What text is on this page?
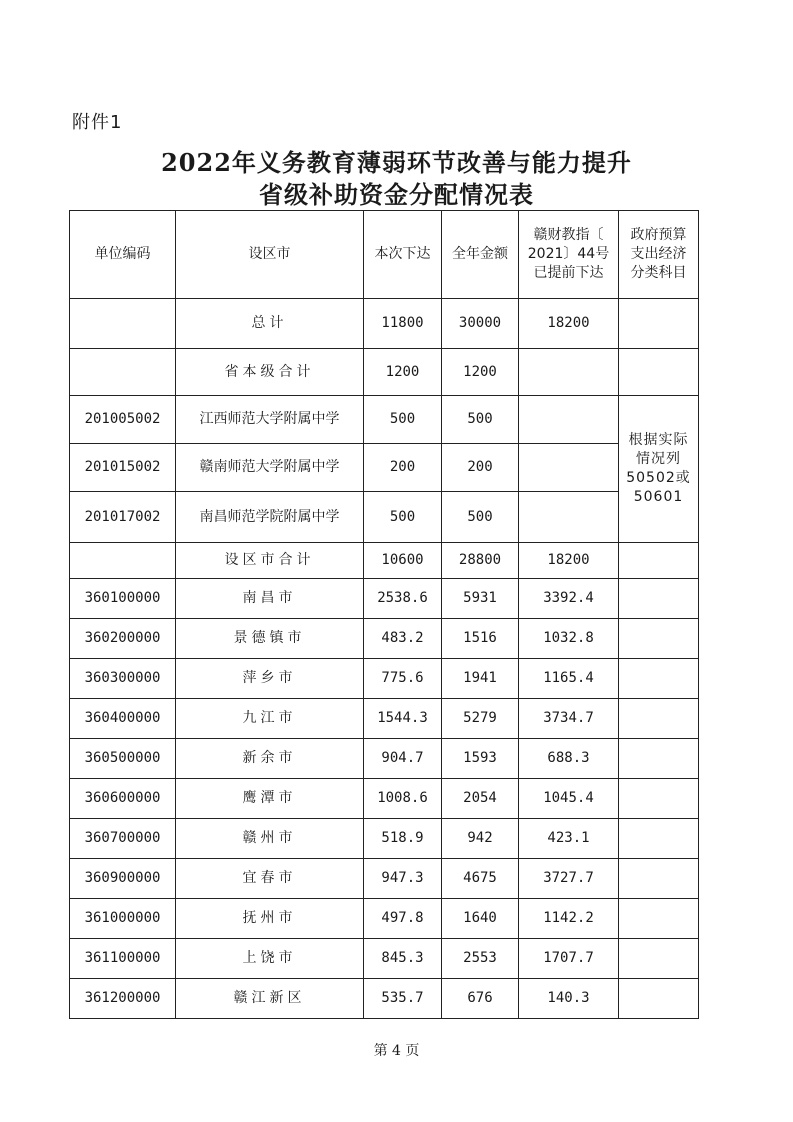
附件1
2022年义务教育薄弱环节改善与能力提升
省级补助资金分配情况表
单位编码	设区市	本次下达	全年金额	赣财教指〔
2021〕44号
已提前下达	政府预算
支出经济
分类科目
	总计	11800	30000	18200	
	省本级合计	1200	1200		
201005002	江西师范大学附属中学	500	500		根据实际
情况列
50502或
50601
201015002	赣南师范大学附属中学	200	200		
201017002	南昌师范学院附属中学	500	500		
	设区市合计	10600	28800	18200	
360100000	南昌市	2538.6	5931	3392.4	
360200000	景德镇市	483.2	1516	1032.8	
360300000	萍乡市	775.6	1941	1165.4	
360400000	九江市	1544.3	5279	3734.7	
360500000	新余市	904.7	1593	688.3	
360600000	鹰潭市	1008.6	2054	1045.4	
360700000	赣州市	518.9	942	423.1	
360900000	宜春市	947.3	4675	3727.7	
361000000	抚州市	497.8	1640	1142.2	
361100000	上饶市	845.3	2553	1707.7	
361200000	赣江新区	535.7	676	140.3	
第 4 页
